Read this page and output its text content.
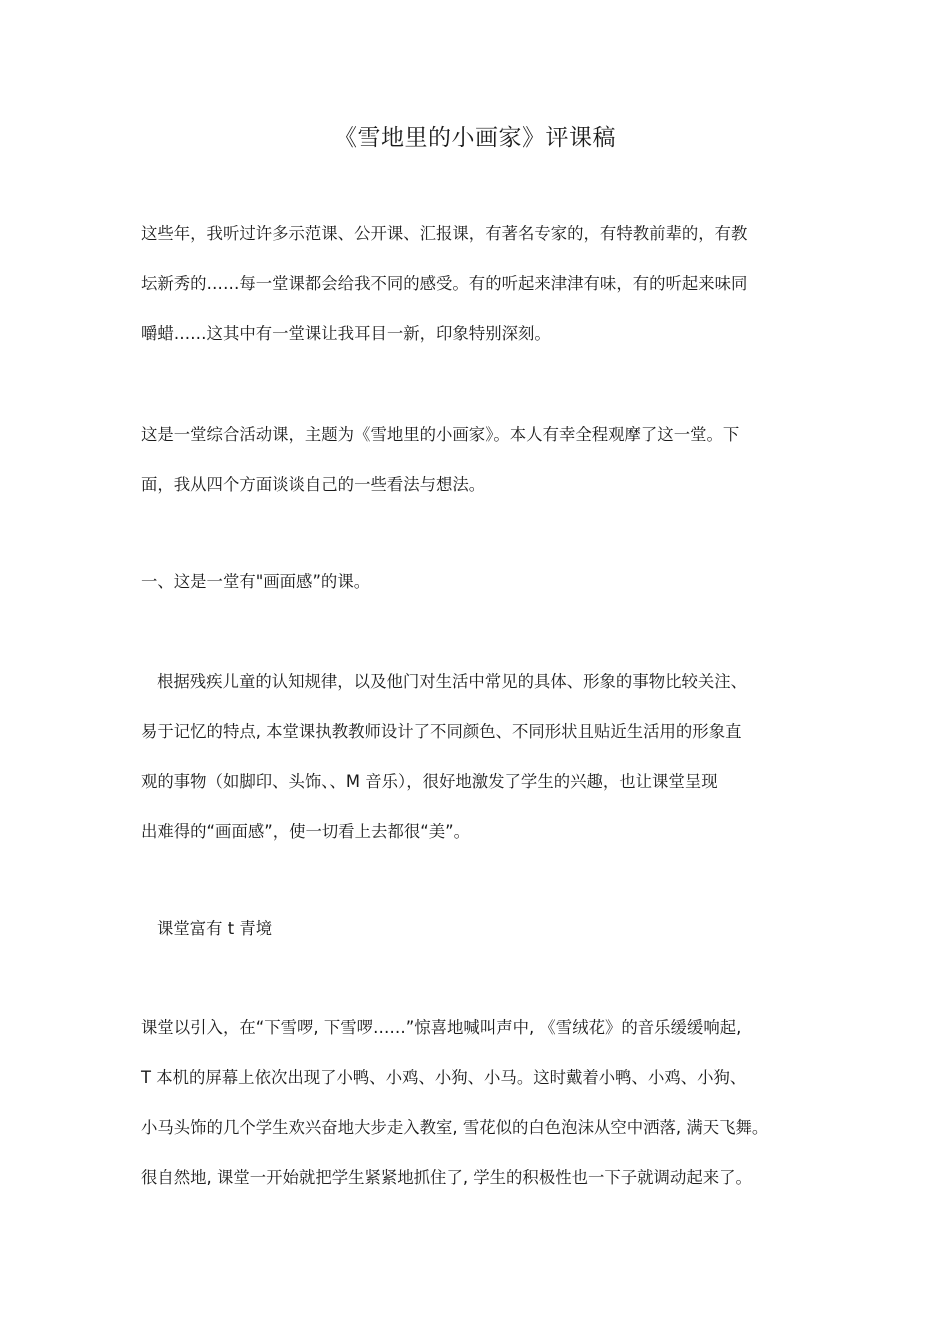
《雪地里的小画家》评课稿
这些年，我听过许多示范课、公开课、汇报课，有著名专家的，有特教前辈的，有教
坛新秀的……每一堂课都会给我不同的感受。有的听起来津津有味，有的听起来味同
嚼蜡……这其中有一堂课让我耳目一新，印象特别深刻。
这是一堂综合活动课，主题为《雪地里的小画家》。本人有幸全程观摩了这一堂。下
面，我从四个方面谈谈自己的一些看法与想法。
一、这是一堂有"画面感”的课。
根据残疾儿童的认知规律，以及他门对生活中常见的具体、形象的事物比较关注、
易于记忆的特点, 本堂课执教教师设计了不同颜色、不同形状且贴近生活用的形象直
观的事物（如脚印、头饰、、M 音乐），很好地激发了学生的兴趣，也让课堂呈现
出难得的“画面感”，使一切看上去都很“美”。
课堂富有 t 青境
课堂以引入，在“下雪啰, 下雪啰……”惊喜地喊叫声中, 《雪绒花》的音乐缓缓响起,
T 本机的屏幕上依次出现了小鸭、小鸡、小狗、小马。这时戴着小鸭、小鸡、小狗、
小马头饰的几个学生欢兴奋地大步走入教室, 雪花似的白色泡沫从空中洒落, 满天飞舞。
很自然地, 课堂一开始就把学生紧紧地抓住了, 学生的积极性也一下子就调动起来了。
